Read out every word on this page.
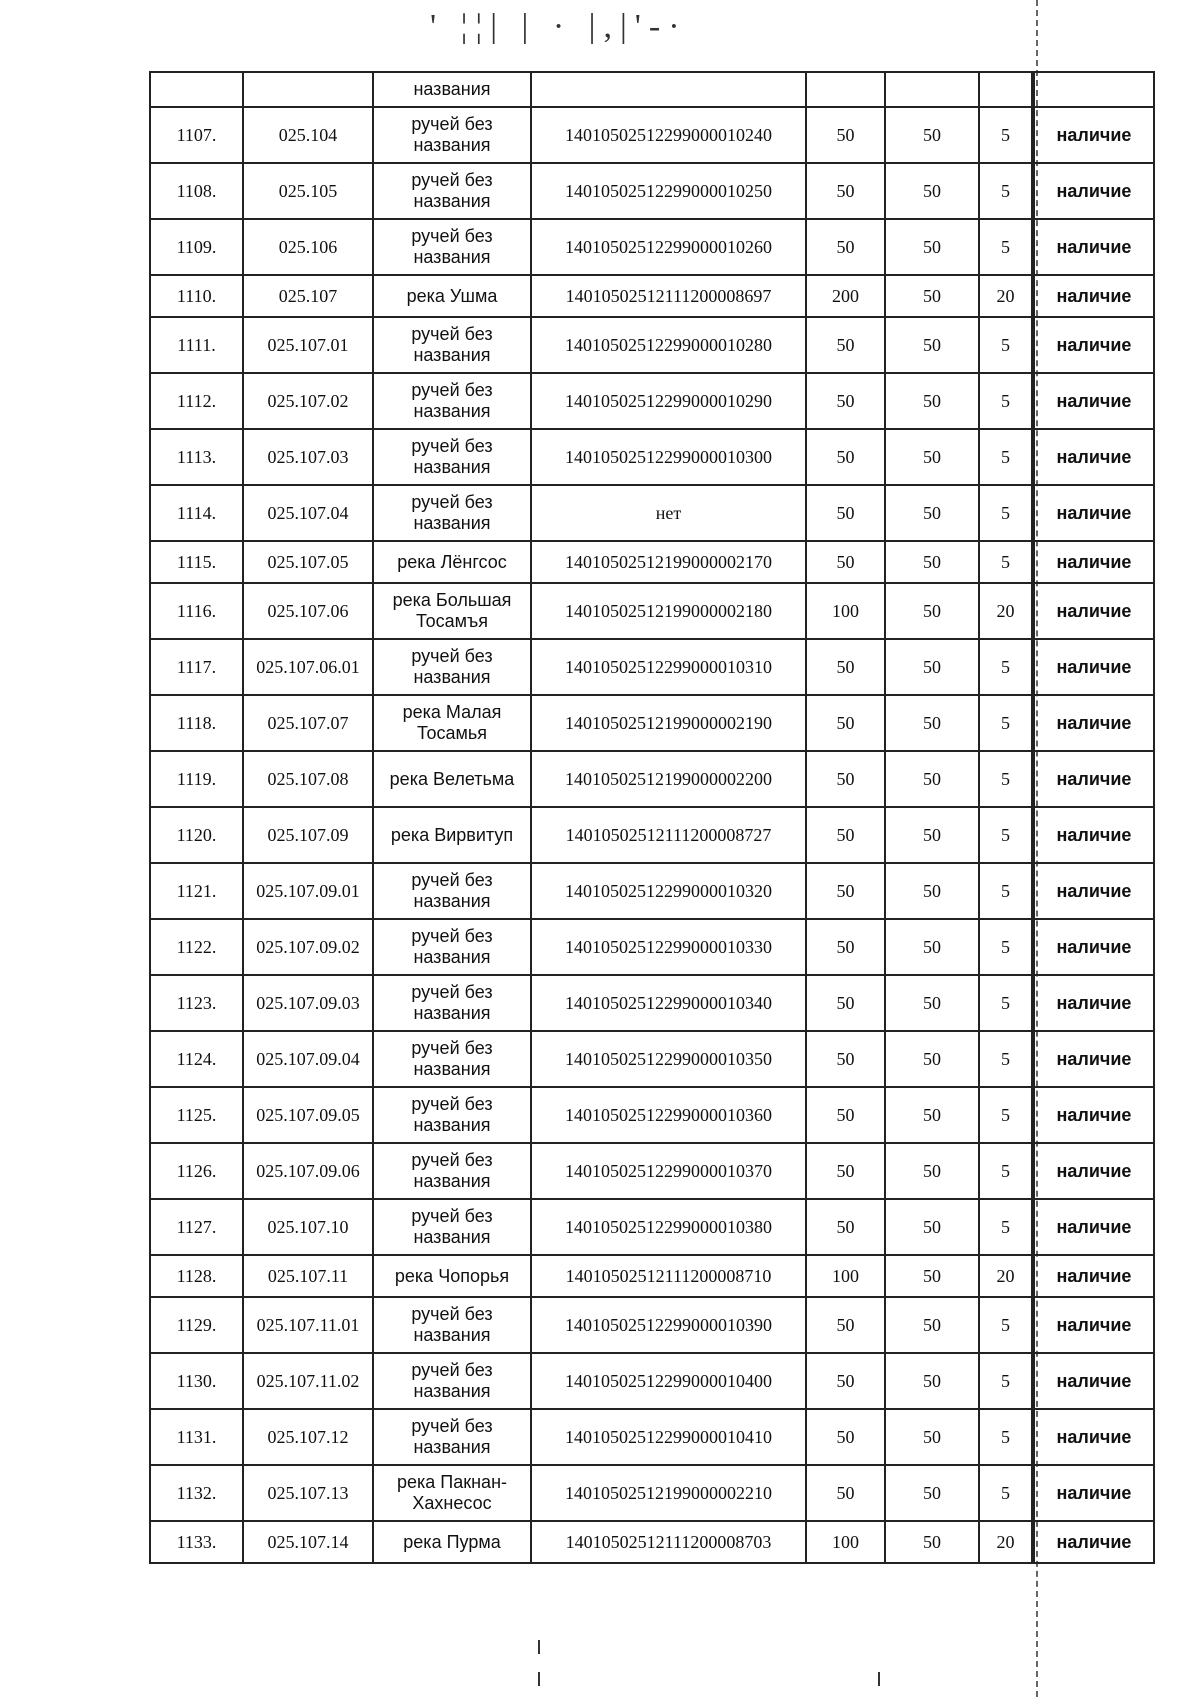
' ¦¦| | · |,|'-·
		названия					
1107.	025.104	ручей без названия	14010502512299000010240	50	50	5	наличие
1108.	025.105	ручей без названия	14010502512299000010250	50	50	5	наличие
1109.	025.106	ручей без названия	14010502512299000010260	50	50	5	наличие
1110.	025.107	река Ушма	14010502512111200008697	200	50	20	наличие
1111.	025.107.01	ручей без названия	14010502512299000010280	50	50	5	наличие
1112.	025.107.02	ручей без названия	14010502512299000010290	50	50	5	наличие
1113.	025.107.03	ручей без названия	14010502512299000010300	50	50	5	наличие
1114.	025.107.04	ручей без названия	нет	50	50	5	наличие
1115.	025.107.05	река Лёнгсос	14010502512199000002170	50	50	5	наличие
1116.	025.107.06	река Большая Тосамъя	14010502512199000002180	100	50	20	наличие
1117.	025.107.06.01	ручей без названия	14010502512299000010310	50	50	5	наличие
1118.	025.107.07	река Малая Тосамья	14010502512199000002190	50	50	5	наличие
1119.	025.107.08	река Велетьма	14010502512199000002200	50	50	5	наличие
1120.	025.107.09	река Вирвитуп	14010502512111200008727	50	50	5	наличие
1121.	025.107.09.01	ручей без названия	14010502512299000010320	50	50	5	наличие
1122.	025.107.09.02	ручей без названия	14010502512299000010330	50	50	5	наличие
1123.	025.107.09.03	ручей без названия	14010502512299000010340	50	50	5	наличие
1124.	025.107.09.04	ручей без названия	14010502512299000010350	50	50	5	наличие
1125.	025.107.09.05	ручей без названия	14010502512299000010360	50	50	5	наличие
1126.	025.107.09.06	ручей без названия	14010502512299000010370	50	50	5	наличие
1127.	025.107.10	ручей без названия	14010502512299000010380	50	50	5	наличие
1128.	025.107.11	река Чопорья	14010502512111200008710	100	50	20	наличие
1129.	025.107.11.01	ручей без названия	14010502512299000010390	50	50	5	наличие
1130.	025.107.11.02	ручей без названия	14010502512299000010400	50	50	5	наличие
1131.	025.107.12	ручей без названия	14010502512299000010410	50	50	5	наличие
1132.	025.107.13	река Пакнан-Хахнесос	14010502512199000002210	50	50	5	наличие
1133.	025.107.14	река Пурма	14010502512111200008703	100	50	20	наличие
